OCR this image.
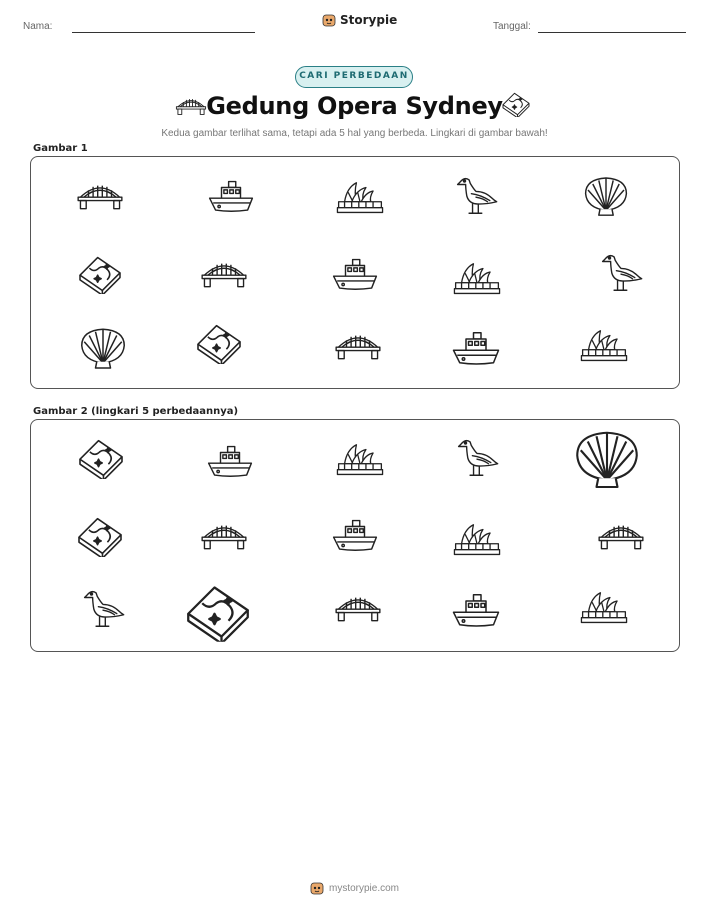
Nama:	Storypie	Tanggal:
CARI PERBEDAAN
Gedung Opera Sydney
Kedua gambar terlihat sama, tetapi ada 5 hal yang berbeda. Lingkari di gambar bawah!
Gambar 1
Gambar 2 (lingkari 5 perbedaannya)
mystorypie.com
